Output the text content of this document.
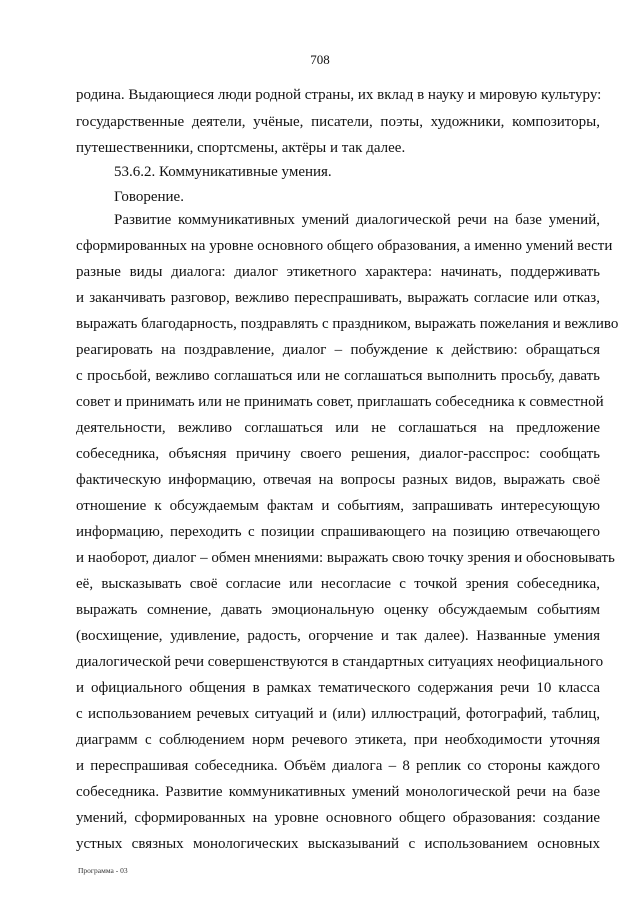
708
родина. Выдающиеся люди родной страны, их вклад в науку и мировую культуру:
государственные деятели, учёные, писатели, поэты, художники, композиторы,
путешественники, спортсмены, актёры и так далее.
53.6.2. Коммуникативные умения.
Говорение.
Развитие коммуникативных умений диалогической речи на базе умений,
сформированных на уровне основного общего образования, а именно умений вести
разные виды диалога: диалог этикетного характера: начинать, поддерживать
и заканчивать разговор, вежливо переспрашивать, выражать согласие или отказ,
выражать благодарность, поздравлять с праздником, выражать пожелания и вежливо
реагировать на поздравление, диалог – побуждение к действию: обращаться
с просьбой, вежливо соглашаться или не соглашаться выполнить просьбу, давать
совет и принимать или не принимать совет, приглашать собеседника к совместной
деятельности, вежливо соглашаться или не соглашаться на предложение
собеседника, объясняя причину своего решения, диалог-расспрос: сообщать
фактическую информацию, отвечая на вопросы разных видов, выражать своё
отношение к обсуждаемым фактам и событиям, запрашивать интересующую
информацию, переходить с позиции спрашивающего на позицию отвечающего
и наоборот, диалог – обмен мнениями: выражать свою точку зрения и обосновывать
её, высказывать своё согласие или несогласие с точкой зрения собеседника,
выражать сомнение, давать эмоциональную оценку обсуждаемым событиям
(восхищение, удивление, радость, огорчение и так далее). Названные умения
диалогической речи совершенствуются в стандартных ситуациях неофициального
и официального общения в рамках тематического содержания речи 10 класса
с использованием речевых ситуаций и (или) иллюстраций, фотографий, таблиц,
диаграмм с соблюдением норм речевого этикета, при необходимости уточняя
и переспрашивая собеседника. Объём диалога – 8 реплик со стороны каждого
собеседника. Развитие коммуникативных умений монологической речи на базе
умений, сформированных на уровне основного общего образования: создание
устных связных монологических высказываний с использованием основных
Программа - 03
